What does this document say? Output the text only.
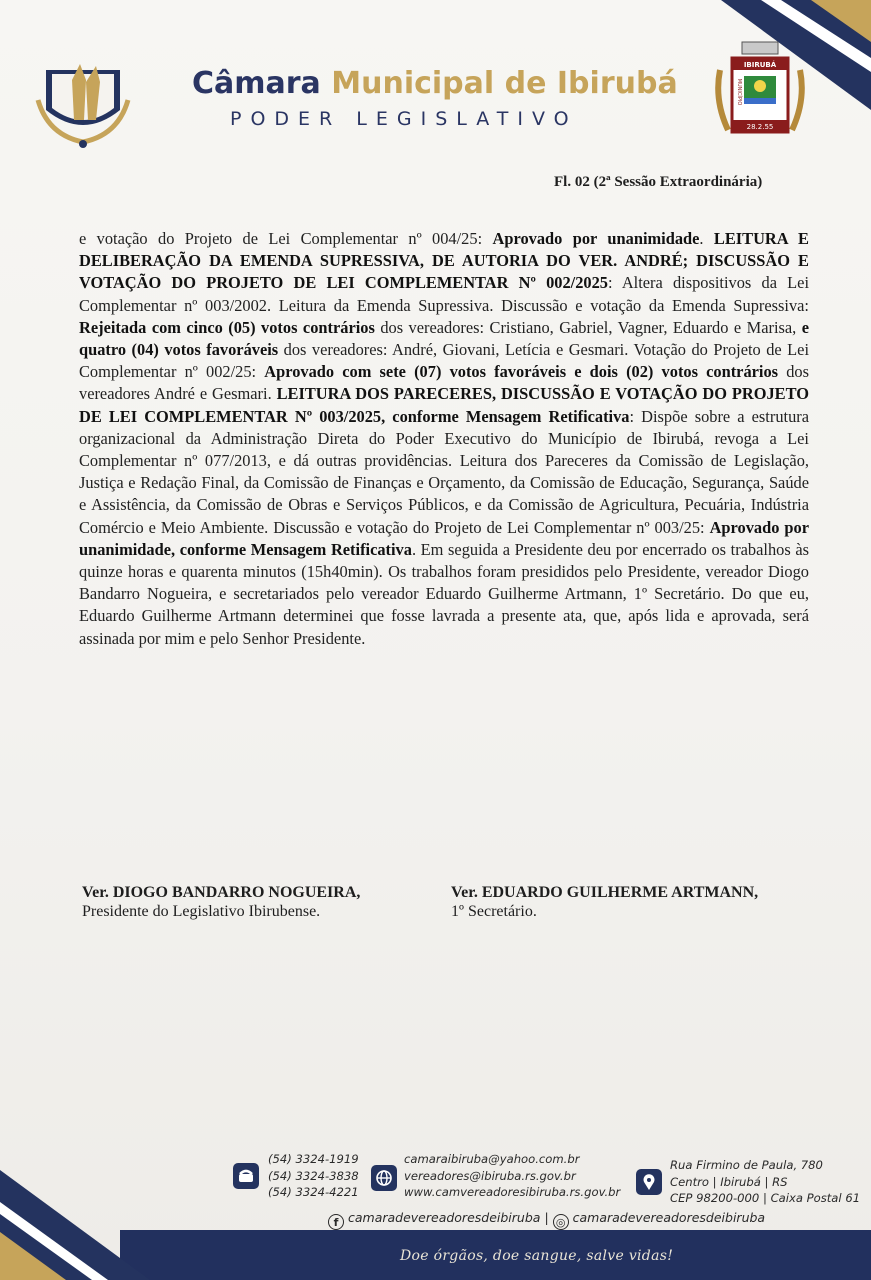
Câmara Municipal de Ibirubá
PODER LEGISLATIVO
IBIRUBÁ
MUNICÍPIO
28.2.55
Fl. 02 (2ª Sessão Extraordinária)
e votação do Projeto de Lei Complementar nº 004/25: Aprovado por unanimidade. LEITURA E DELIBERAÇÃO DA EMENDA SUPRESSIVA, DE AUTORIA DO VER. ANDRÉ; DISCUSSÃO E VOTAÇÃO DO PROJETO DE LEI COMPLEMENTAR Nº 002/2025: Altera dispositivos da Lei Complementar nº 003/2002. Leitura da Emenda Supressiva. Discussão e votação da Emenda Supressiva: Rejeitada com cinco (05) votos contrários dos vereadores: Cristiano, Gabriel, Vagner, Eduardo e Marisa, e quatro (04) votos favoráveis dos vereadores: André, Giovani, Letícia e Gesmari. Votação do Projeto de Lei Complementar nº 002/25: Aprovado com sete (07) votos favoráveis e dois (02) votos contrários dos vereadores André e Gesmari. LEITURA DOS PARECERES, DISCUSSÃO E VOTAÇÃO DO PROJETO DE LEI COMPLEMENTAR Nº 003/2025, conforme Mensagem Retificativa: Dispõe sobre a estrutura organizacional da Administração Direta do Poder Executivo do Município de Ibirubá, revoga a Lei Complementar nº 077/2013, e dá outras providências. Leitura dos Pareceres da Comissão de Legislação, Justiça e Redação Final, da Comissão de Finanças e Orçamento, da Comissão de Educação, Segurança, Saúde e Assistência, da Comissão de Obras e Serviços Públicos, e da Comissão de Agricultura, Pecuária, Indústria Comércio e Meio Ambiente. Discussão e votação do Projeto de Lei Complementar nº 003/25: Aprovado por unanimidade, conforme Mensagem Retificativa. Em seguida a Presidente deu por encerrado os trabalhos às quinze horas e quarenta minutos (15h40min). Os trabalhos foram presididos pelo Presidente, vereador Diogo Bandarro Nogueira, e secretariados pelo vereador Eduardo Guilherme Artmann, 1º Secretário. Do que eu, Eduardo Guilherme Artmann determinei que fosse lavrada a presente ata, que, após lida e aprovada, será assinada por mim e pelo Senhor Presidente.
Ver. DIOGO BANDARRO NOGUEIRA,
Presidente do Legislativo Ibirubense.
Ver. EDUARDO GUILHERME ARTMANN,
1º Secretário.
(54) 3324-1919
(54) 3324-3838
(54) 3324-4221
camaraibiruba@yahoo.com.br
vereadores@ibiruba.rs.gov.br
www.camvereadoresibiruba.rs.gov.br
Rua Firmino de Paula, 780
Centro | Ibirubá | RS
CEP 98200-000 | Caixa Postal 61
f camaradevereadoresdeibiruba | ◎ camaradevereadoresdeibiruba
Doe órgãos, doe sangue, salve vidas!
